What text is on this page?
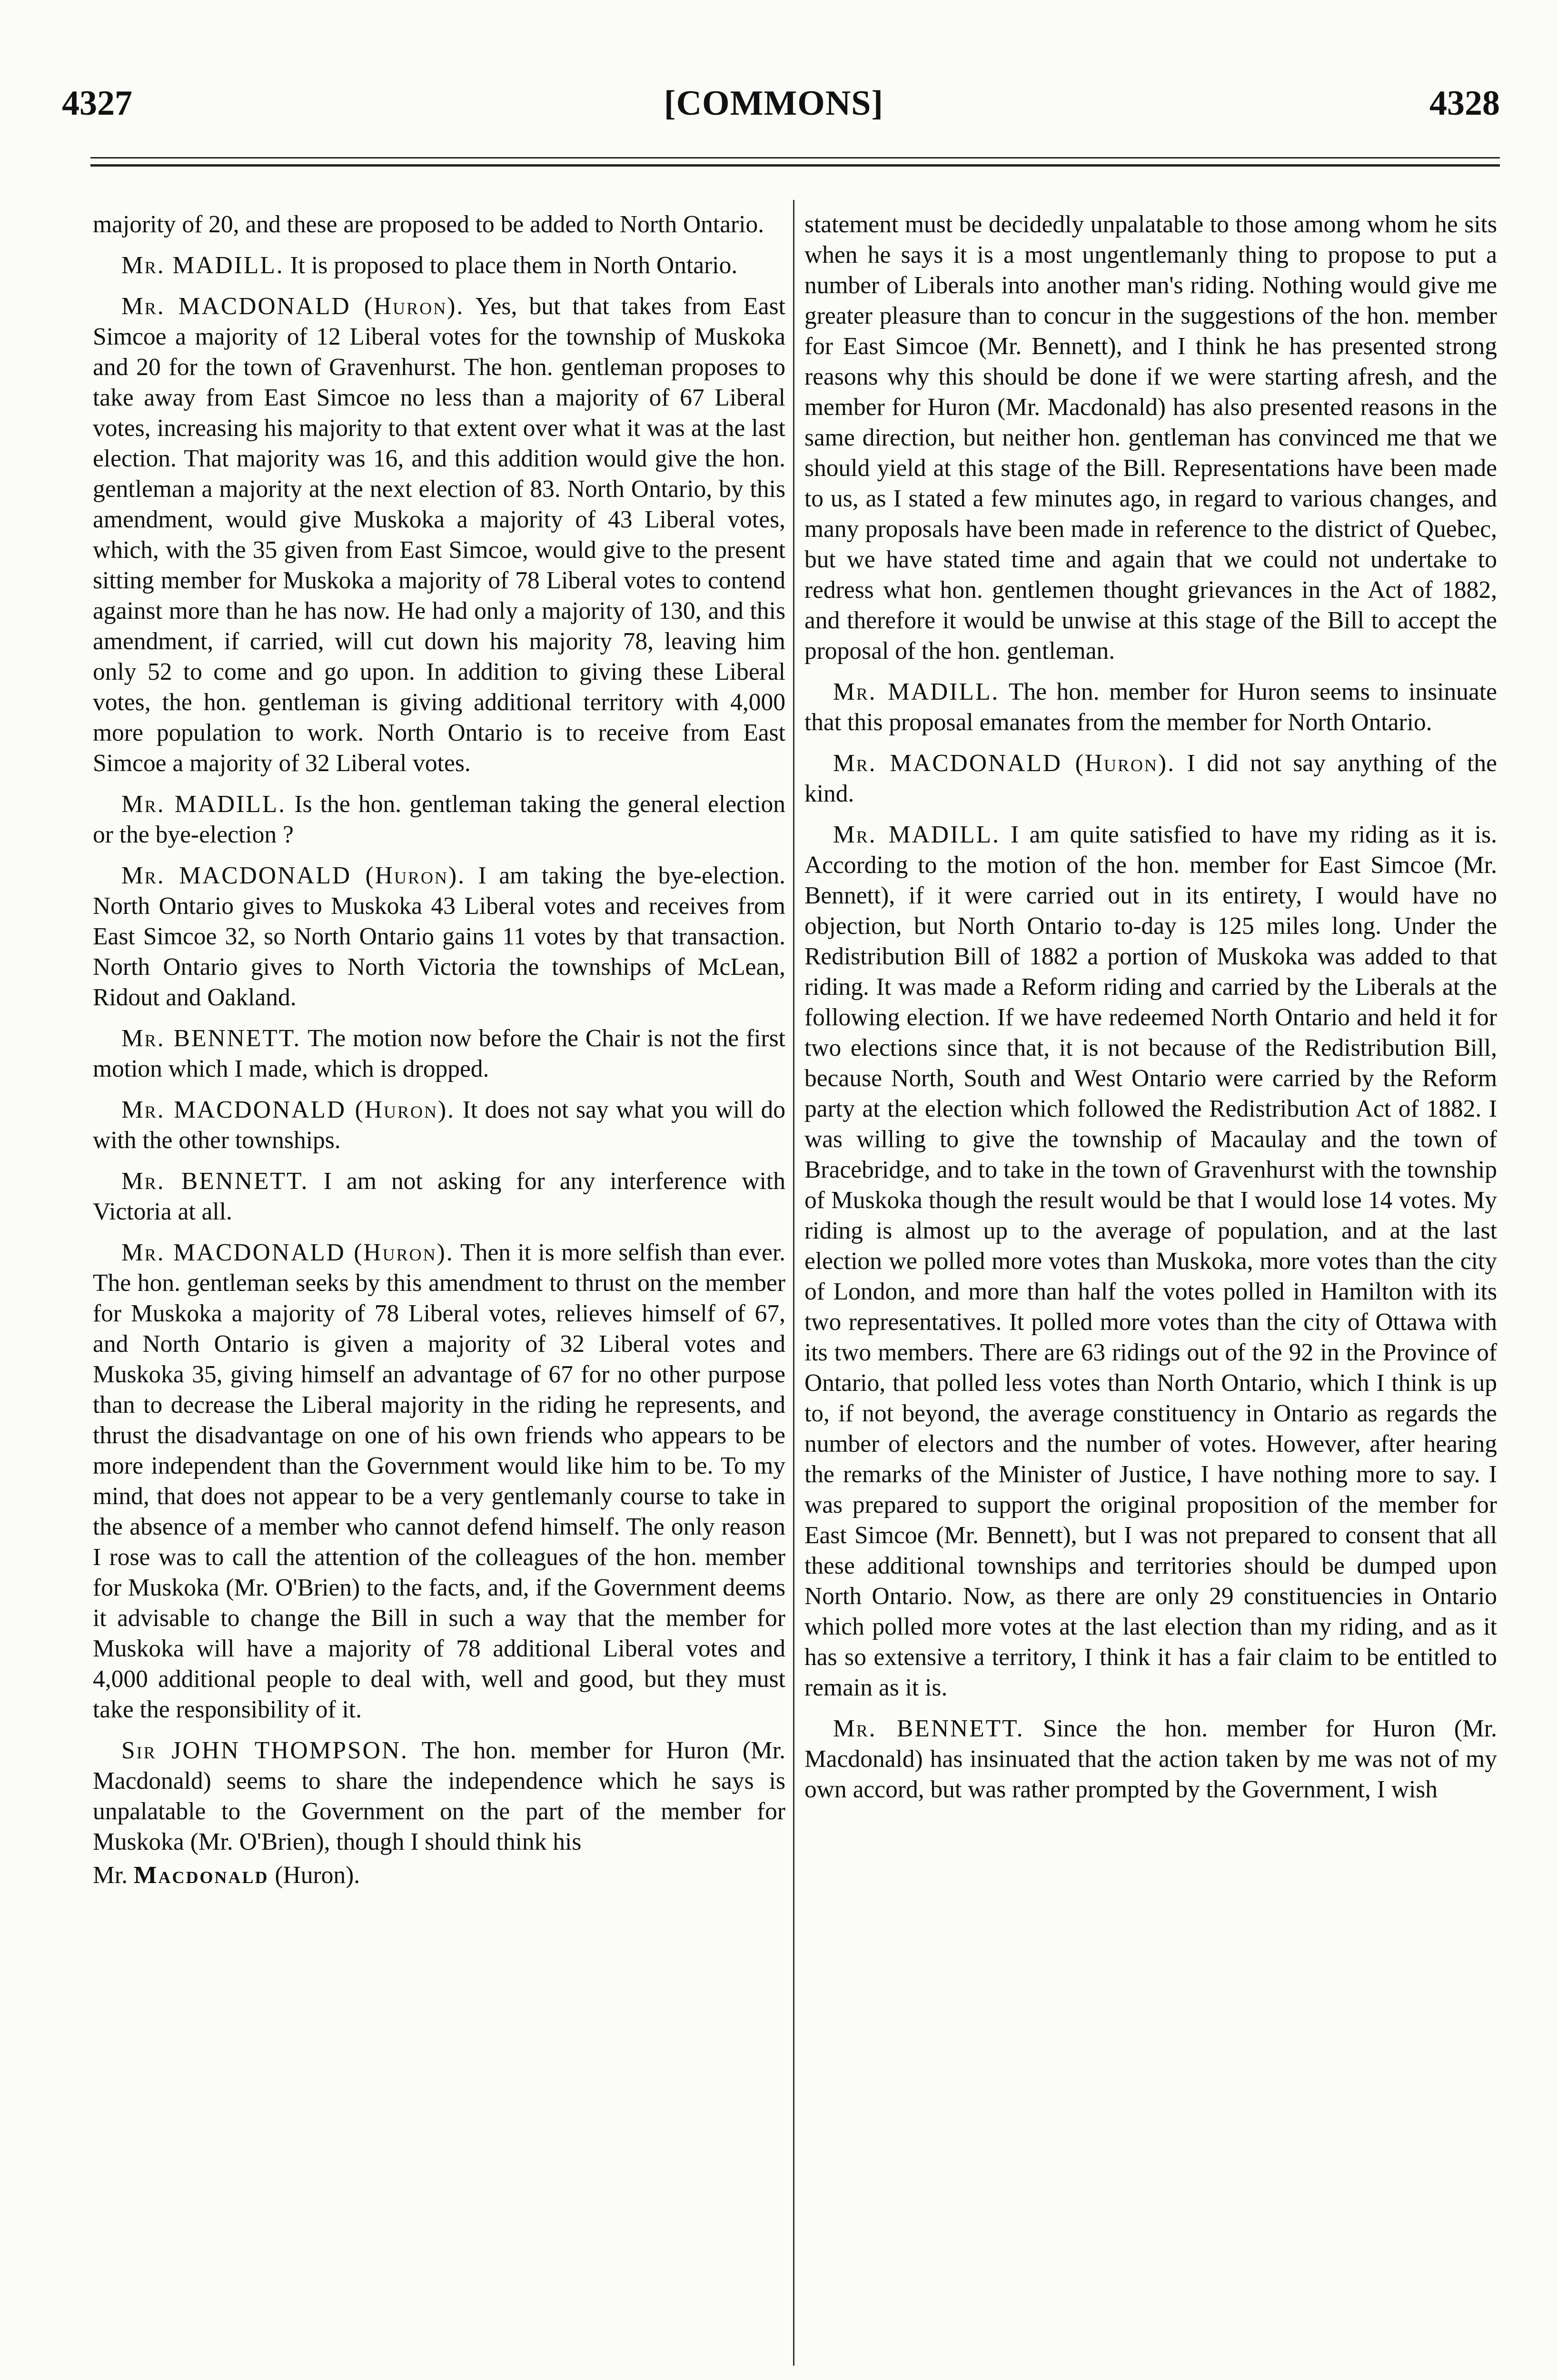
4327	[COMMONS]	4328

majority of 20, and these are proposed to be added to North Ontario.

Mr. MADILL. It is proposed to place them in North Ontario.

Mr. MACDONALD (Huron). Yes, but that takes from East Simcoe a majority of 12 Liberal votes for the township of Muskoka and 20 for the town of Gravenhurst. The hon. gentleman proposes to take away from East Simcoe no less than a majority of 67 Liberal votes, increasing his majority to that extent over what it was at the last election. That majority was 16, and this addition would give the hon. gentleman a majority at the next election of 83. North Ontario, by this amendment, would give Muskoka a majority of 43 Liberal votes, which, with the 35 given from East Simcoe, would give to the present sitting member for Muskoka a majority of 78 Liberal votes to contend against more than he has now. He had only a majority of 130, and this amendment, if carried, will cut down his majority 78, leaving him only 52 to come and go upon. In addition to giving these Liberal votes, the hon. gentleman is giving additional territory with 4,000 more population to work. North Ontario is to receive from East Simcoe a majority of 32 Liberal votes.

Mr. MADILL. Is the hon. gentleman taking the general election or the bye-election ?

Mr. MACDONALD (Huron). I am taking the bye-election. North Ontario gives to Muskoka 43 Liberal votes and receives from East Simcoe 32, so North Ontario gains 11 votes by that transaction. North Ontario gives to North Victoria the townships of McLean, Ridout and Oakland.

Mr. BENNETT. The motion now before the Chair is not the first motion which I made, which is dropped.

Mr. MACDONALD (Huron). It does not say what you will do with the other townships.

Mr. BENNETT. I am not asking for any interference with Victoria at all.

Mr. MACDONALD (Huron). Then it is more selfish than ever. The hon. gentleman seeks by this amendment to thrust on the member for Muskoka a majority of 78 Liberal votes, relieves himself of 67, and North Ontario is given a majority of 32 Liberal votes and Muskoka 35, giving himself an advantage of 67 for no other purpose than to decrease the Liberal majority in the riding he represents, and thrust the disadvantage on one of his own friends who appears to be more independent than the Government would like him to be. To my mind, that does not appear to be a very gentlemanly course to take in the absence of a member who cannot defend himself. The only reason I rose was to call the attention of the colleagues of the hon. member for Muskoka (Mr. O'Brien) to the facts, and, if the Government deems it advisable to change the Bill in such a way that the member for Muskoka will have a majority of 78 additional Liberal votes and 4,000 additional people to deal with, well and good, but they must take the responsibility of it.

Sir JOHN THOMPSON. The hon. member for Huron (Mr. Macdonald) seems to share the independence which he says is unpalatable to the Government on the part of the member for Muskoka (Mr. O'Brien), though I should think his

Mr. Macdonald (Huron).

statement must be decidedly unpalatable to those among whom he sits when he says it is a most ungentlemanly thing to propose to put a number of Liberals into another man's riding. Nothing would give me greater pleasure than to concur in the suggestions of the hon. member for East Simcoe (Mr. Bennett), and I think he has presented strong reasons why this should be done if we were starting afresh, and the member for Huron (Mr. Macdonald) has also presented reasons in the same direction, but neither hon. gentleman has convinced me that we should yield at this stage of the Bill. Representations have been made to us, as I stated a few minutes ago, in regard to various changes, and many proposals have been made in reference to the district of Quebec, but we have stated time and again that we could not undertake to redress what hon. gentlemen thought grievances in the Act of 1882, and therefore it would be unwise at this stage of the Bill to accept the proposal of the hon. gentleman.

Mr. MADILL. The hon. member for Huron seems to insinuate that this proposal emanates from the member for North Ontario.

Mr. MACDONALD (Huron). I did not say anything of the kind.

Mr. MADILL. I am quite satisfied to have my riding as it is. According to the motion of the hon. member for East Simcoe (Mr. Bennett), if it were carried out in its entirety, I would have no objection, but North Ontario to-day is 125 miles long. Under the Redistribution Bill of 1882 a portion of Muskoka was added to that riding. It was made a Reform riding and carried by the Liberals at the following election. If we have redeemed North Ontario and held it for two elections since that, it is not because of the Redistribution Bill, because North, South and West Ontario were carried by the Reform party at the election which followed the Redistribution Act of 1882. I was willing to give the township of Macaulay and the town of Bracebridge, and to take in the town of Gravenhurst with the township of Muskoka though the result would be that I would lose 14 votes. My riding is almost up to the average of population, and at the last election we polled more votes than Muskoka, more votes than the city of London, and more than half the votes polled in Hamilton with its two representatives. It polled more votes than the city of Ottawa with its two members. There are 63 ridings out of the 92 in the Province of Ontario, that polled less votes than North Ontario, which I think is up to, if not beyond, the average constituency in Ontario as regards the number of electors and the number of votes. However, after hearing the remarks of the Minister of Justice, I have nothing more to say. I was prepared to support the original proposition of the member for East Simcoe (Mr. Bennett), but I was not prepared to consent that all these additional townships and territories should be dumped upon North Ontario. Now, as there are only 29 constituencies in Ontario which polled more votes at the last election than my riding, and as it has so extensive a territory, I think it has a fair claim to be entitled to remain as it is.

Mr. BENNETT. Since the hon. member for Huron (Mr. Macdonald) has insinuated that the action taken by me was not of my own accord, but was rather prompted by the Government, I wish
